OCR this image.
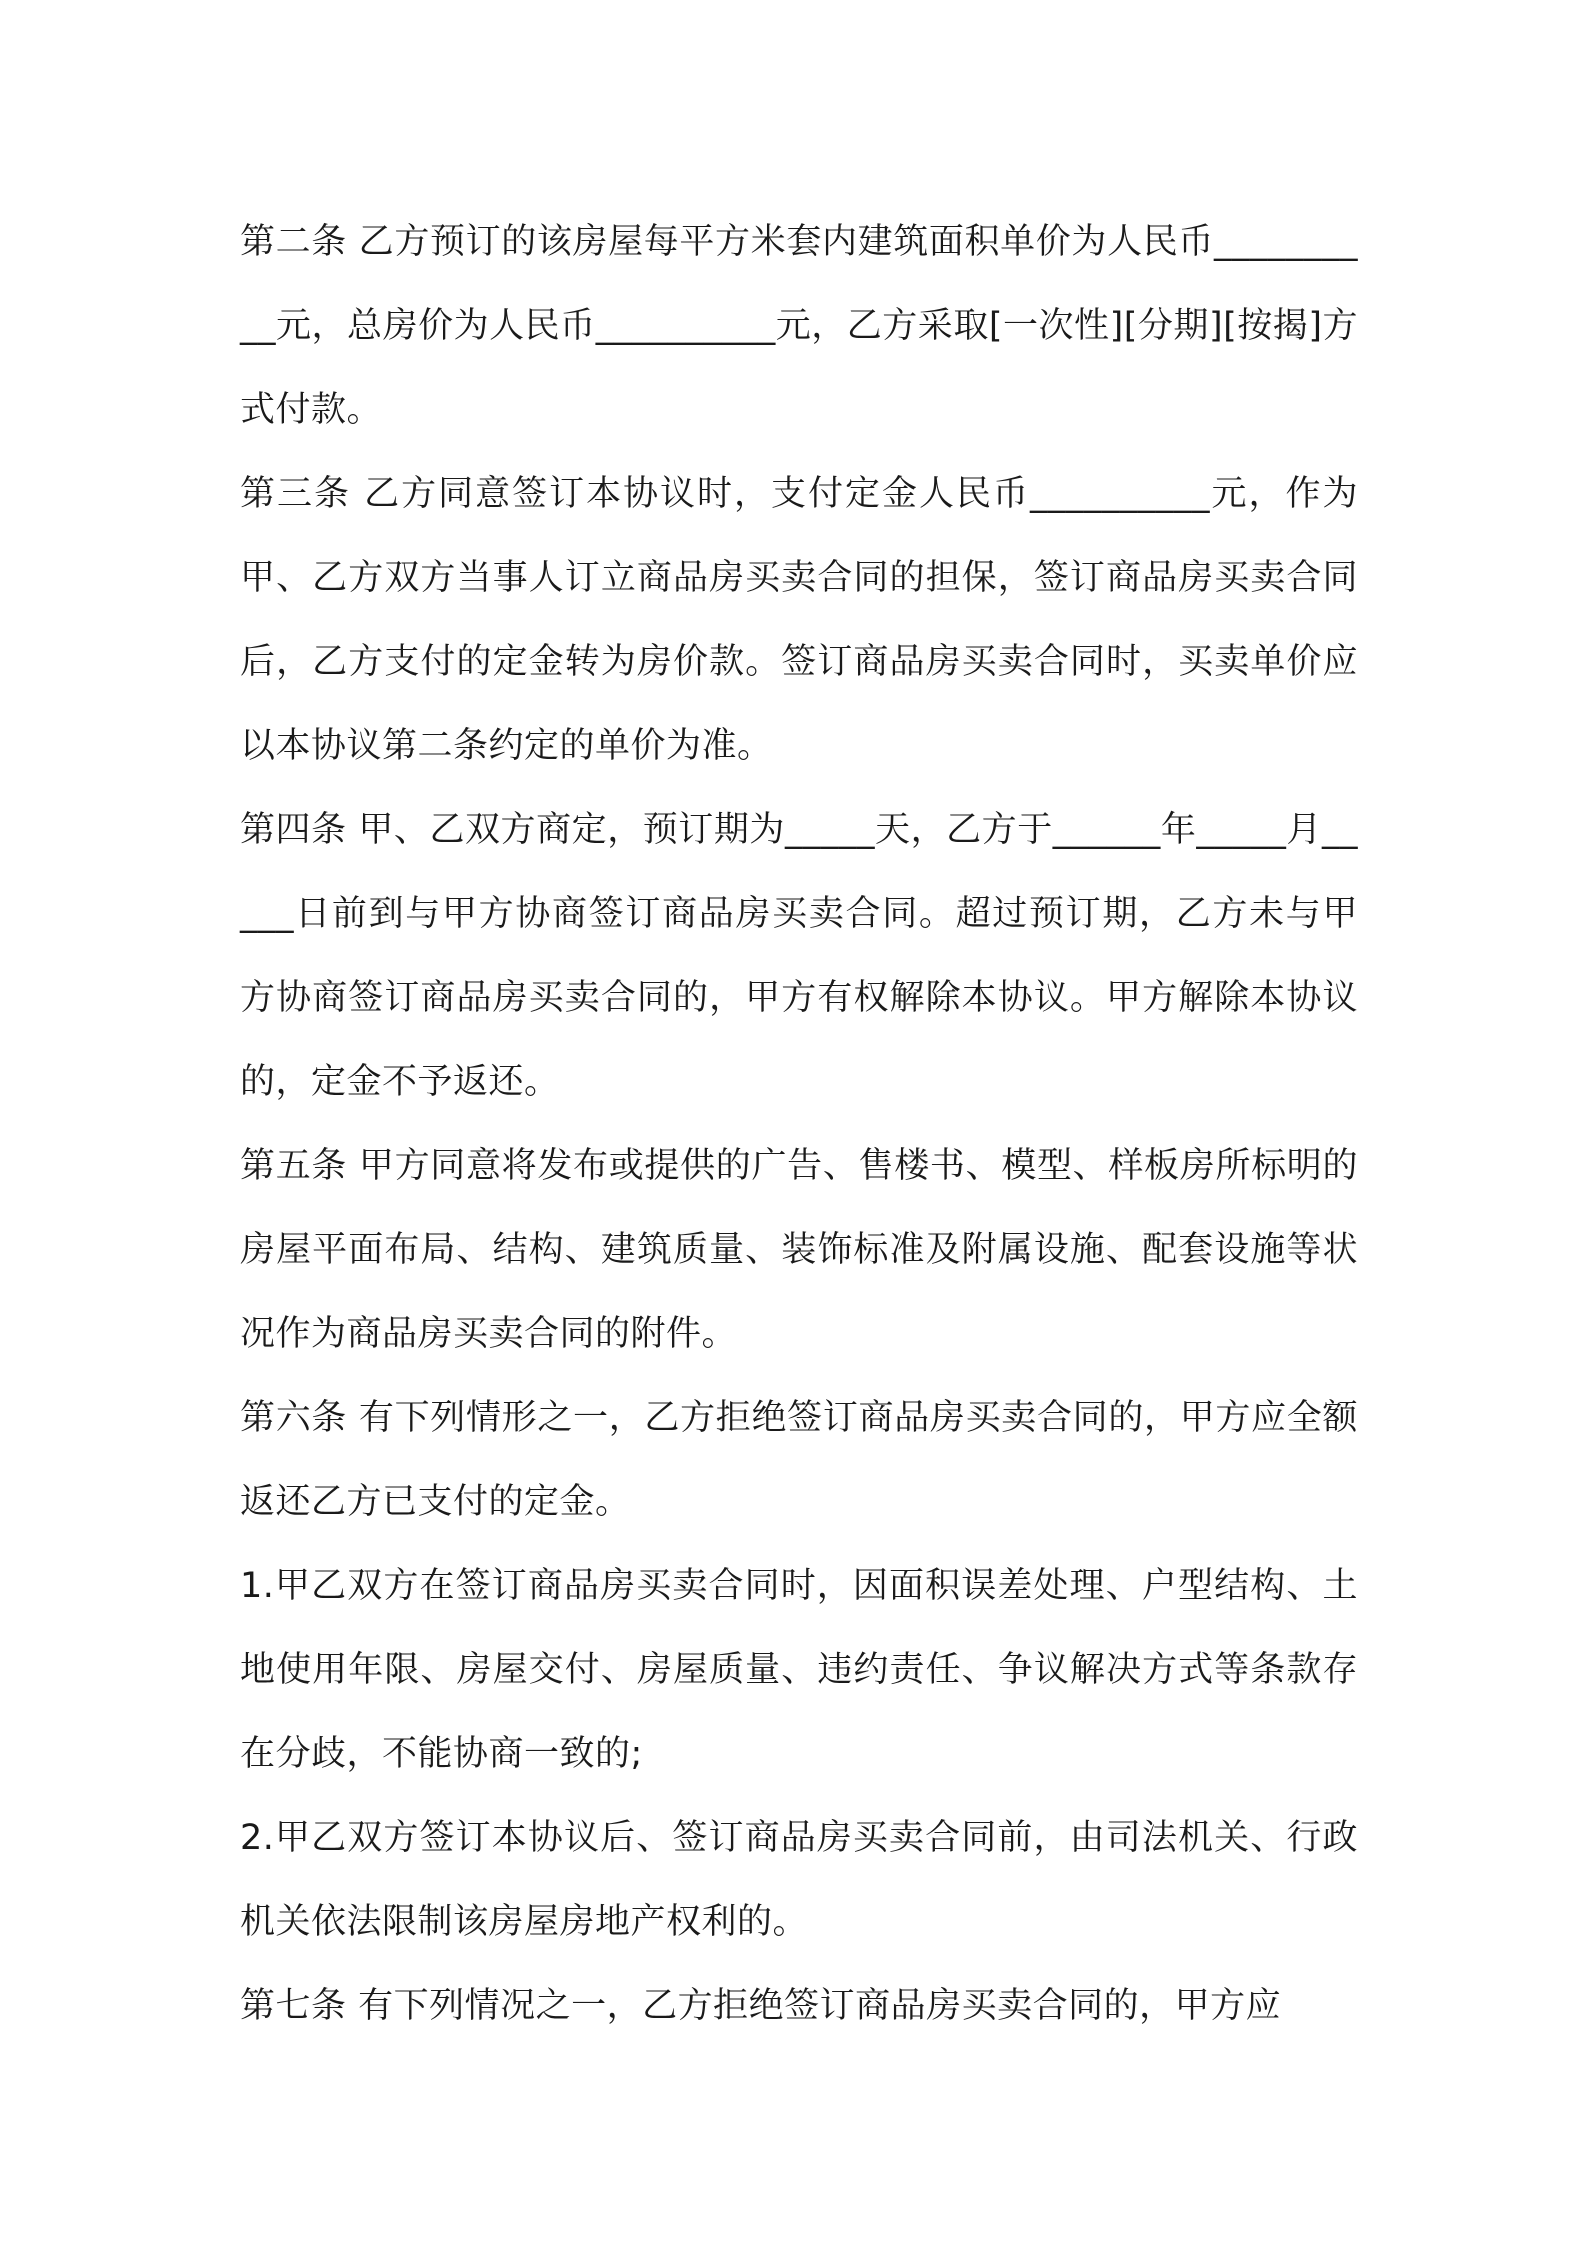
第二条 乙方预订的该房屋每平方米套内建筑面积单价为人民币__________元，总房价为人民币__________元，乙方采取[一次性][分期][按揭]方式付款。

第三条 乙方同意签订本协议时，支付定金人民币__________元，作为甲、乙方双方当事人订立商品房买卖合同的担保，签订商品房买卖合同后，乙方支付的定金转为房价款。签订商品房买卖合同时，买卖单价应以本协议第二条约定的单价为准。

第四条 甲、乙双方商定，预订期为_____天，乙方于______年_____月_____日前到与甲方协商签订商品房买卖合同。超过预订期，乙方未与甲方协商签订商品房买卖合同的，甲方有权解除本协议。甲方解除本协议的，定金不予返还。

第五条 甲方同意将发布或提供的广告、售楼书、模型、样板房所标明的房屋平面布局、结构、建筑质量、装饰标准及附属设施、配套设施等状况作为商品房买卖合同的附件。

第六条 有下列情形之一，乙方拒绝签订商品房买卖合同的，甲方应全额返还乙方已支付的定金。

1.甲乙双方在签订商品房买卖合同时，因面积误差处理、户型结构、土地使用年限、房屋交付、房屋质量、违约责任、争议解决方式等条款存在分歧，不能协商一致的;

2.甲乙双方签订本协议后、签订商品房买卖合同前，由司法机关、行政机关依法限制该房屋房地产权利的。

第七条 有下列情况之一，乙方拒绝签订商品房买卖合同的，甲方应
